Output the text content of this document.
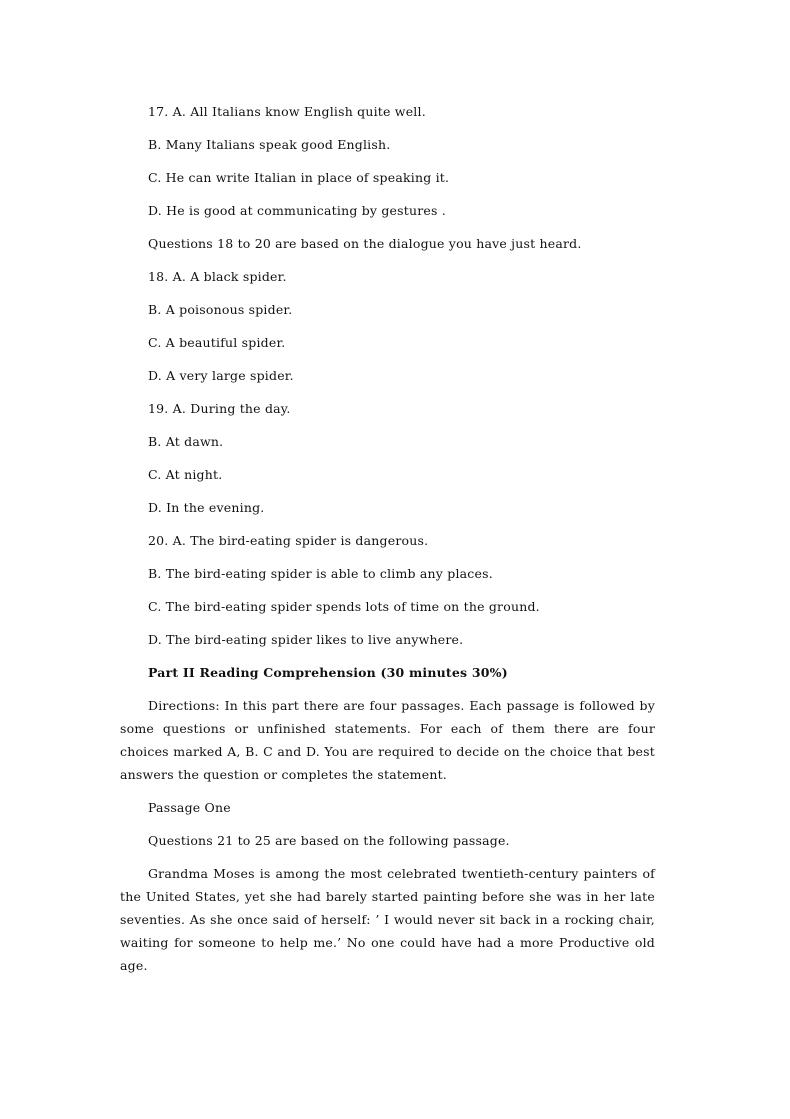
17. A. All Italians know English quite well.
B. Many Italians speak good English.
C. He can write Italian in place of speaking it.
D. He is good at communicating by gestures .
Questions 18 to 20 are based on the dialogue you have just heard.
18. A. A black spider.
B. A poisonous spider.
C. A beautiful spider.
D. A very large spider.
19. A. During the day.
B. At dawn.
C. At night.
D. In the evening.
20. A. The bird-eating spider is dangerous.
B. The bird-eating spider is able to climb any places.
C. The bird-eating spider spends lots of time on the ground.
D. The bird-eating spider likes to live anywhere.
Part II Reading Comprehension (30 minutes 30%)

Directions: In this part there are four passages. Each passage is followed by some questions or unfinished statements. For each of them there are four choices marked A, B. C and D. You are required to decide on the choice that best answers the question or completes the statement.

Passage One
Questions 21 to 25 are based on the following passage.

Grandma Moses is among the most celebrated twentieth-century painters of the United States, yet she had barely started painting before she was in her late seventies. As she once said of herself: ’ I would never sit back in a rocking chair, waiting for someone to help me.’ No one could have had a more Productive old age.
